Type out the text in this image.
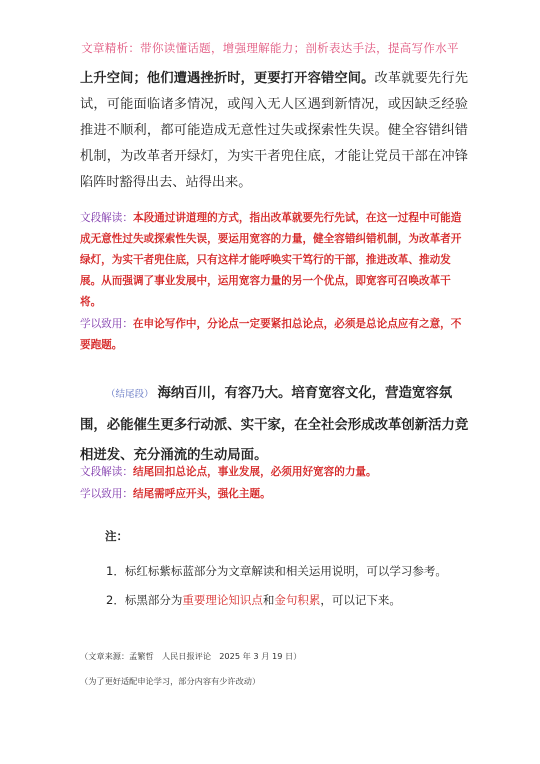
文章精析：带你读懂话题，增强理解能力；剖析表达手法，提高写作水平
上升空间；他们遭遇挫折时，更要打开容错空间。改革就要先行先试，可能面临诸多情况，或闯入无人区遇到新情况，或因缺乏经验推进不顺利，都可能造成无意性过失或探索性失误。健全容错纠错机制，为改革者开绿灯，为实干者兜住底，才能让党员干部在冲锋陷阵时豁得出去、站得出来。
文段解读：本段通过讲道理的方式，指出改革就要先行先试，在这一过程中可能造成无意性过失或探索性失误，要运用宽容的力量，健全容错纠错机制，为改革者开绿灯，为实干者兜住底，只有这样才能呼唤实干笃行的干部，推进改革、推动发展。从而强调了事业发展中，运用宽容力量的另一个优点，即宽容可召唤改革干将。
学以致用：在申论写作中，分论点一定要紧扣总论点，必须是总论点应有之意，不要跑题。
（结尾段） 海纳百川，有容乃大。培育宽容文化，营造宽容氛围，必能催生更多行动派、实干家，在全社会形成改革创新活力竞相迸发、充分涌流的生动局面。
文段解读：结尾回扣总论点，事业发展，必须用好宽容的力量。
学以致用：结尾需呼应开头，强化主题。
注：
1．标红标紫标蓝部分为文章解读和相关运用说明，可以学习参考。
2．标黑部分为重要理论知识点和金句积累，可以记下来。
（文章来源：孟繁哲　人民日报评论　2025 年 3 月 19 日）
（为了更好适配申论学习，部分内容有少许改动）
